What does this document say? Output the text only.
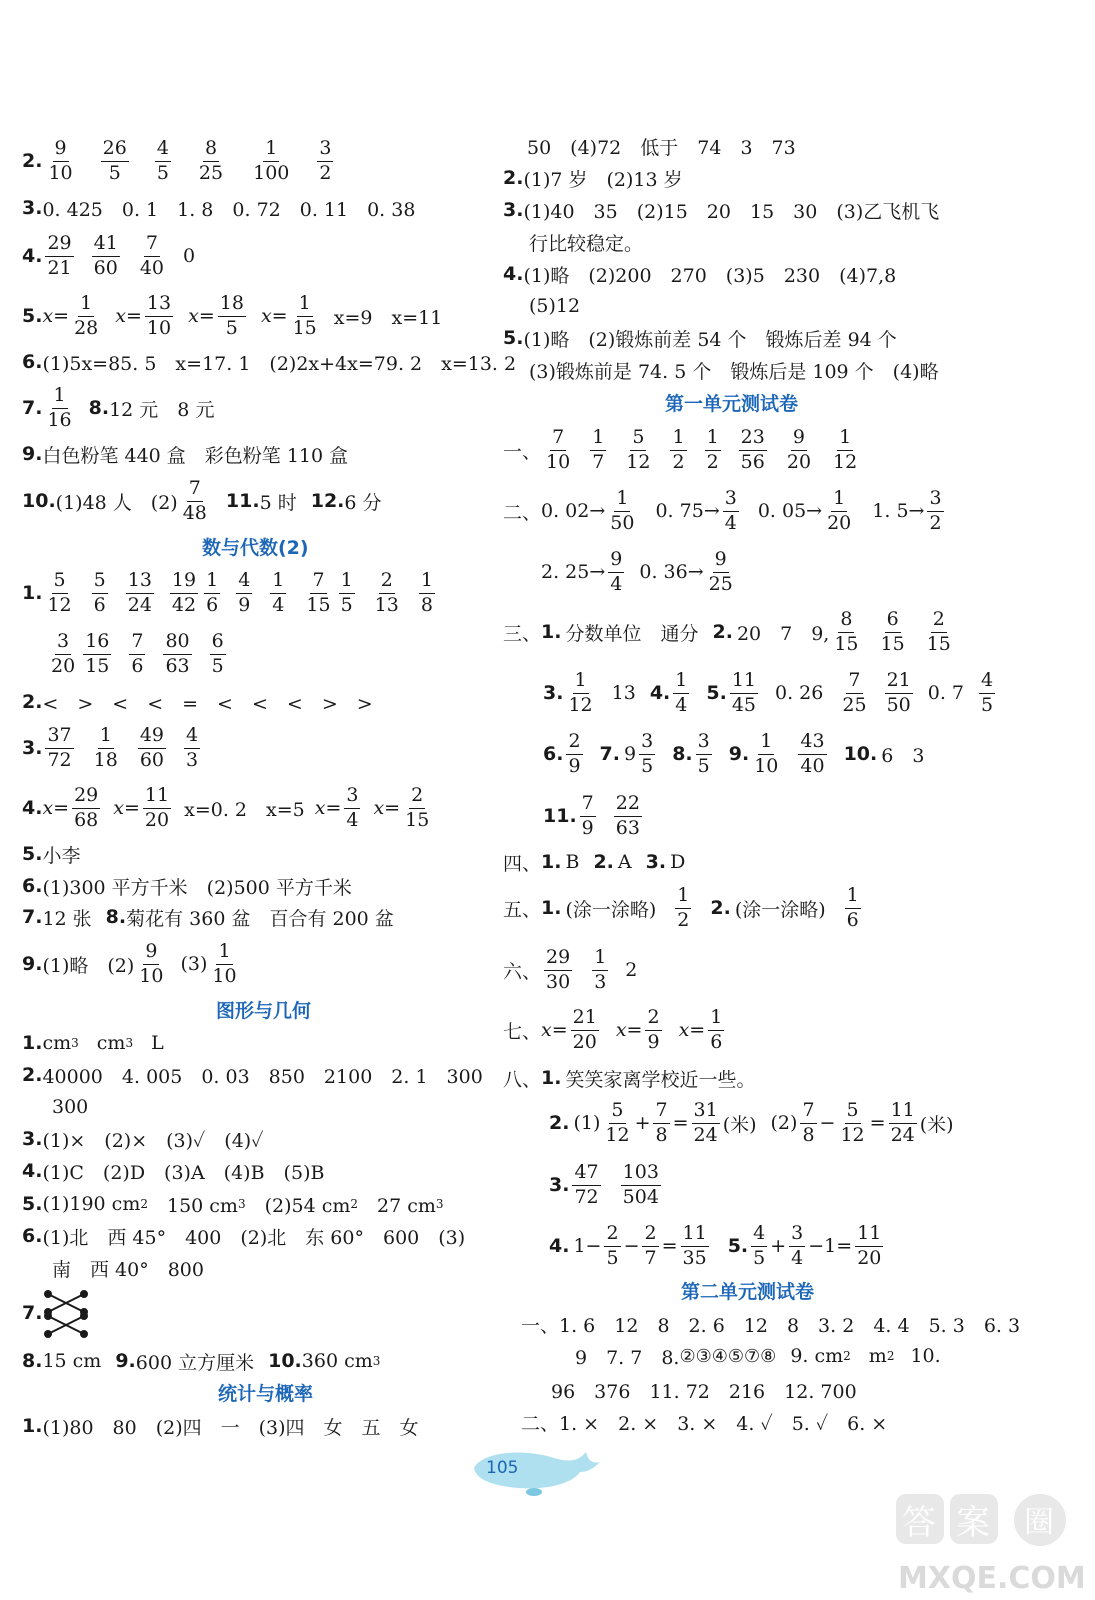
2. $\frac{9}{10} \frac{26}{5} \frac{4}{5} \frac{8}{25} \frac{1}{100} \frac{3}{2}$
3. 0. 425　0. 1　1. 8　0. 72　0. 11　0. 38
4. $\frac{29}{21} \frac{41}{60} \frac{7}{40} 0$
5. $x= \frac{1}{28} x= \frac{13}{10} x= \frac{18}{5} x= \frac{1}{15} x=9$　x=11
6. (1)5x=85. 5　x=17. 1　(2)2x+4x=79. 2　x=13. 2
7. $\frac{1}{16} 8$. 12 元　8 元
9. 白色粉笔 440 盒　彩色粉笔 110 盒
10. (1)48 人　$(2) \frac{7}{48} 11$. 5 时 12. 6 分
数与代数(2)
1. $\frac{5}{12} \frac{5}{6} \frac{13}{24} \frac{19}{42} \frac{1}{6} \frac{4}{9} \frac{1}{4} \frac{7}{15} \frac{1}{5} \frac{2}{13} \frac{1}{8}$
$\frac{3}{20} \frac{16}{15} \frac{7}{6} \frac{80}{63} \frac{6}{5}$
2. <　>　<　<　=　<　<　<　>　>
3. $\frac{37}{72} \frac{1}{18} \frac{49}{60} \frac{4}{3}$
4. $x= \frac{29}{68} x= \frac{11}{20} x=0$. 2　x=5 $x= \frac{3}{4} x= \frac{2}{15}$
5. 小李
6. (1)300 平方千米　(2)500 平方千米
7. 12 张 8. 菊花有 360 盆　百合有 200 盆
9. (1)略　$(2) \frac{9}{10} (3) \frac{1}{10}$
图形与几何
1. cm 3 cm 3 L
2. 40000　4. 005　0. 03　850　2100　2. 1　300
300
3. (1)×　(2)×　(3)✓　(4)✓
4. (1)C　(2)D　(3)A　(4)B　(5)B
5. (1)190 cm 2 　150 cm 3 　(2)54 cm 2 　27 cm 3
6. (1)北　西 45°　400　(2)北　东 60°　600　(3)
南　西 40°　800
7.
8. 15 cm 9. 600 立方厘米 10. 360 cm 3
统计与概率
1. (1)80　80　(2)四　一　(3)四　女　五　女
50　(4)72　低于　74　3　73
2. (1)7 岁　(2)13 岁
3. (1)40　35　(2)15　20　15　30　(3)乙飞机飞
行比较稳定。
4. (1)略　(2)200　270　(3)5　230　(4)7,8
(5)12
5. (1)略　(2)锻炼前差 54 个　锻炼后差 94 个
(3)锻炼前是 74. 5 个　锻炼后是 109 个　(4)略
第一单元测试卷
一、 $\frac{7}{10} \frac{1}{7} \frac{5}{12} \frac{1}{2} \frac{1}{2} \frac{23}{56} \frac{9}{20} \frac{1}{12}$
二、 0. $02\to \frac{1}{50} 0$. $75\to \frac{3}{4} 0$. $05\to \frac{1}{20} 1$. $5\to \frac{3}{2}$
2. $25\to \frac{9}{4} 0$. $36\to \frac{9}{25}$
三、 1. 分数单位　通分 2. 20　7　9, $\frac{8}{15} \frac{6}{15} \frac{2}{15}$
3. $\frac{1}{12} 13$ 4. $\frac{1}{4} 5$. $\frac{11}{45} 0$. $26 \frac{7}{25} \frac{21}{50} 0$. $7 \frac{4}{5}$
6. $\frac{2}{9} 7$. $9 \frac{3}{5} 8$. $\frac{3}{5} 9$. $\frac{1}{10} \frac{43}{40} 10$. 6　3
11. $\frac{7}{9} \frac{22}{63}$
四、 1. B 2. A 3. D
五、 1. (涂一涂略) $\frac{1}{2} 2$. (涂一涂略) $\frac{1}{6}$
六、 $\frac{29}{30} \frac{1}{3} 2$
七、 $x= \frac{21}{20} x= \frac{2}{9} x= \frac{1}{6}$
八、 1. 笑笑家离学校近一些。
2. $(1) \frac{5}{12} + \frac{7}{8} = \frac{31}{24}$ (米) $(2) \frac{7}{8} - \frac{5}{12} = \frac{11}{24}$ (米)
3. $\frac{47}{72} \frac{103}{504}$
4. $1- \frac{2}{5} - \frac{2}{7} = \frac{11}{35} 5$. $\frac{4}{5} + \frac{3}{4} -1= \frac{11}{20}$
第二单元测试卷
一、 1. 6　12　8　2. 6　12　8　3. 2　4. 4　5. 3　6. 3
9　7. 7　8. ②③④⑤⑦⑧ 9. cm 2 m 2 10.
96　376　11. 72　216　12. 700
二、 1. ×　2. ×　3. ×　4. ✓　5. ✓　6. ×
105
答 案 圈
MXQE.COM
